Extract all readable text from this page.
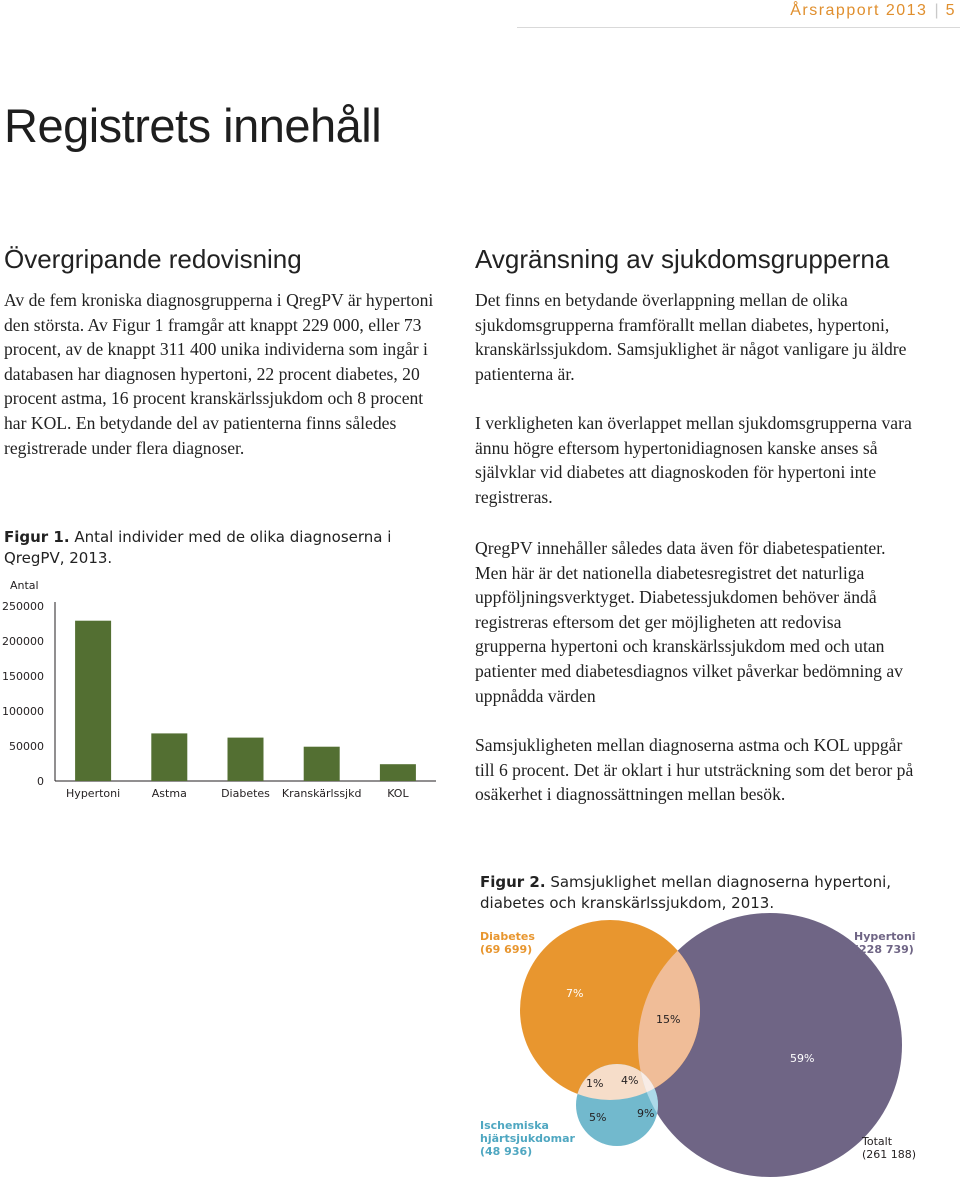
Årsrapport 2013 | 5
Registrets innehåll
Övergripande redovisning

Av de fem kroniska diagnosgrupperna i QregPV är hypertoni den största. Av Figur 1 framgår att knappt 229 000, eller 73 procent, av de knappt 311 400 unika individerna som ingår i databasen har diagnosen hypertoni, 22 procent diabetes, 20 procent astma, 16 procent kranskärlssjukdom och 8 procent har KOL. En betydande del av patienterna finns således registrerade under flera diagnoser.

Figur 1. Antal individer med de olika diagnoserna i QregPV, 2013.
Antal
0
50000
100000
150000
200000
250000
Hypertoni	Astma	Diabetes Kranskärlssjkd KOL
Avgränsning av sjukdomsgrupperna

Det finns en betydande överlappning mellan de olika sjukdomsgrupperna framförallt mellan diabetes, hypertoni, kranskärlssjukdom. Samsjuklighet är något vanligare ju äldre patienterna är.

I verkligheten kan överlappet mellan sjukdomsgrupperna vara ännu högre eftersom hypertonidiagnosen kanske anses så självklar vid diabetes att diagnoskoden för hypertoni inte registreras.

QregPV innehåller således data även för diabetespatienter. Men här är det nationella diabetesregistret det naturliga uppföljningsverktyget. Diabetessjukdomen behöver ändå registreras eftersom det ger möjligheten att redovisa grupperna hypertoni och kranskärlssjukdom med och utan patienter med diabetesdiagnos vilket påverkar bedömning av uppnådda värden

Samsjukligheten mellan diagnoserna astma och KOL uppgår till 6 procent. Det är oklart i hur utsträckning som det beror på osäkerhet i diagnossättningen mellan besök.

Figur 2. Samsjuklighet mellan diagnoserna hypertoni, diabetes och kranskärlssjukdom, 2013.
7%
15%
59%
1% 4%
5%	9%
Diabetes
(69 699)
Hypertoni
(228 739)
Ischemiska
hjärtsjukdomar
(48 936)
Totalt
(261 188)
